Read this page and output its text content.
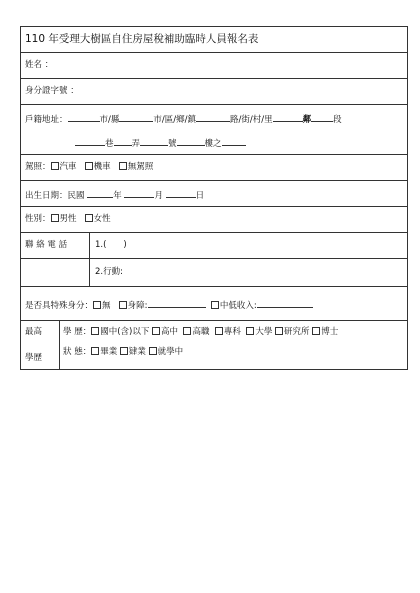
110 年受理大樹區自住房屋稅補助臨時人員報名表
姓名 ：
身分證字號 ：
戶籍地址：	市/縣	市/區/鄉/鎮	路/街/村/里	鄰	段
巷 弄	號	樓之
駕照： 汽車 機車 無駕照
出生日期：民國	年	月	日
性別： 男性 女性
聯 絡 電 話	1.(　　)
2.行動:
是否具特殊身分： 無 身障:	中低收入:
最高
學歷
學 歷： 國中(含)以下 高中 高職 專科 大學 研究所 博士
狀 態： 畢業 肄業 就學中
